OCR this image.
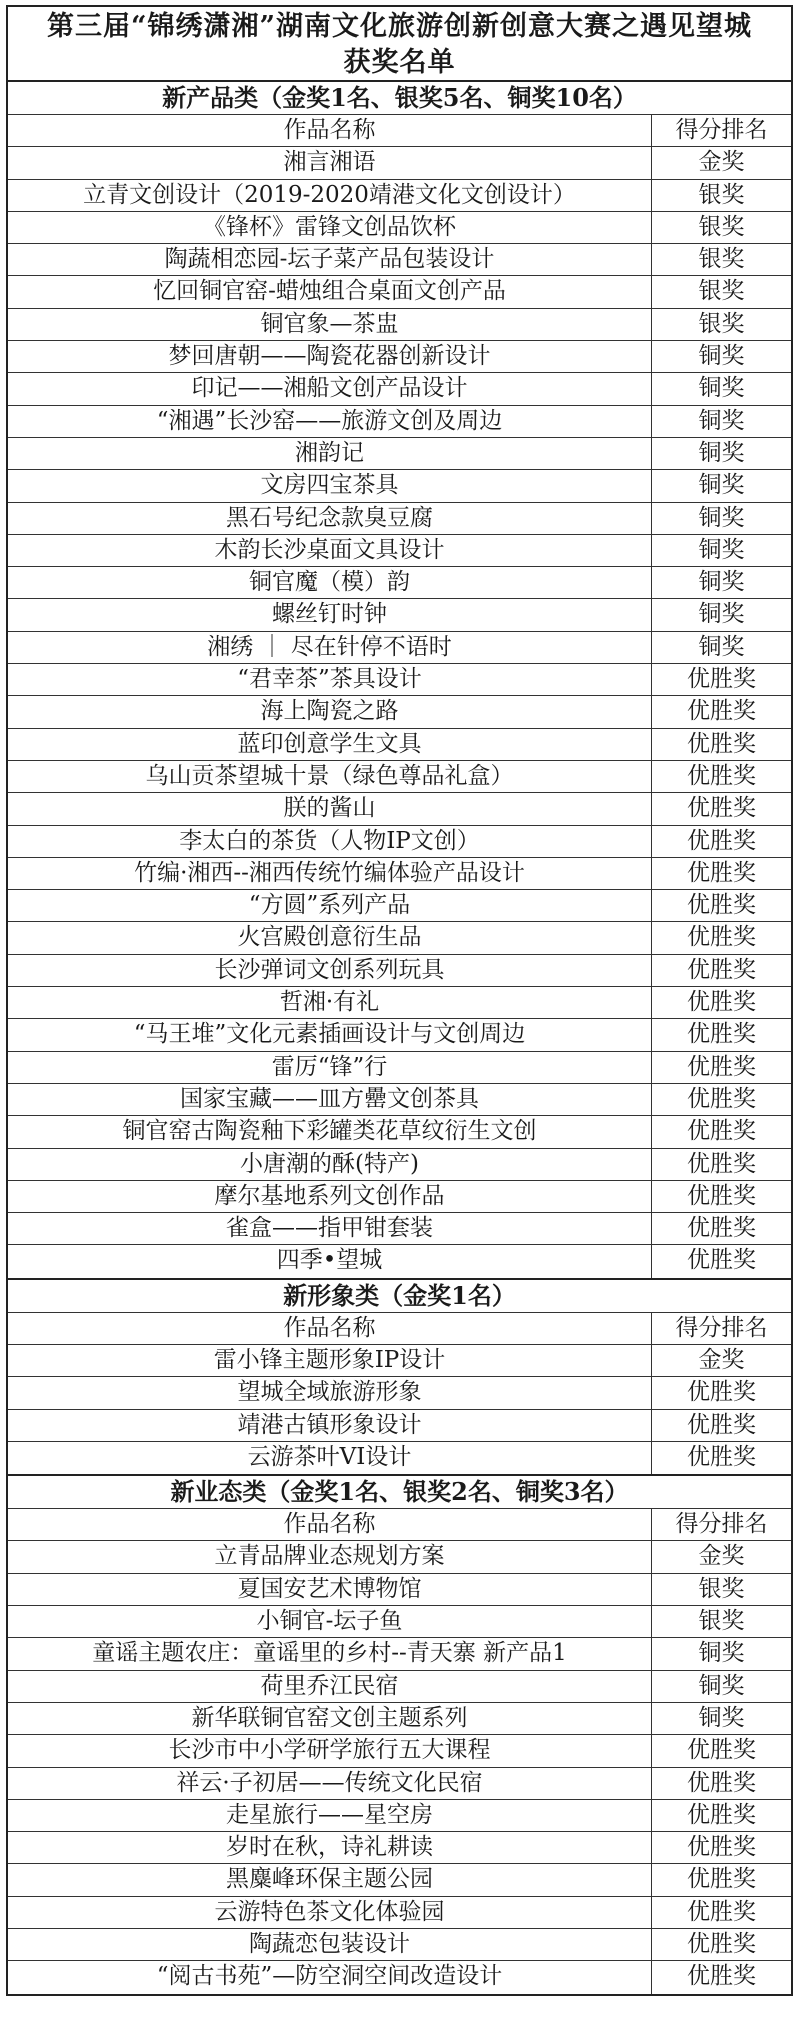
第三届“锦绣潇湘”湖南文化旅游创新创意大赛之遇见望城
获奖名单
新产品类（金奖1名、银奖5名、铜奖10名）
作品名称	得分排名
湘言湘语	金奖
立青文创设计（2019-2020靖港文化文创设计）	银奖
《锋杯》雷锋文创品饮杯	银奖
陶蔬相恋园-坛子菜产品包装设计	银奖
忆回铜官窑-蜡烛组合桌面文创产品	银奖
铜官象—茶盅	银奖
梦回唐朝——陶瓷花器创新设计	铜奖
印记——湘船文创产品设计	铜奖
“湘遇”长沙窑——旅游文创及周边	铜奖
湘韵记	铜奖
文房四宝茶具	铜奖
黑石号纪念款臭豆腐	铜奖
木韵长沙桌面文具设计	铜奖
铜官魔（模）韵	铜奖
螺丝钉时钟	铜奖
湘绣 ｜ 尽在针停不语时	铜奖
“君幸茶”茶具设计	优胜奖
海上陶瓷之路	优胜奖
蓝印创意学生文具	优胜奖
乌山贡茶望城十景（绿色尊品礼盒）	优胜奖
朕的酱山	优胜奖
李太白的茶货（人物IP文创）	优胜奖
竹编·湘西--湘西传统竹编体验产品设计	优胜奖
“方圆”系列产品	优胜奖
火宫殿创意衍生品	优胜奖
长沙弹词文创系列玩具	优胜奖
哲湘·有礼	优胜奖
“马王堆”文化元素插画设计与文创周边	优胜奖
雷厉“锋”行	优胜奖
国家宝藏——皿方罍文创茶具	优胜奖
铜官窑古陶瓷釉下彩罐类花草纹衍生文创	优胜奖
小唐潮的酥(特产)	优胜奖
摩尔基地系列文创作品	优胜奖
雀盒——指甲钳套装	优胜奖
四季•望城	优胜奖
新形象类（金奖1名）
作品名称	得分排名
雷小锋主题形象IP设计	金奖
望城全域旅游形象	优胜奖
靖港古镇形象设计	优胜奖
云游茶叶VI设计	优胜奖
新业态类（金奖1名、银奖2名、铜奖3名）
作品名称	得分排名
立青品牌业态规划方案	金奖
夏国安艺术博物馆	银奖
小铜官-坛子鱼	银奖
童谣主题农庄：童谣里的乡村--青天寨 新产品1	铜奖
荷里乔江民宿	铜奖
新华联铜官窑文创主题系列	铜奖
长沙市中小学研学旅行五大课程	优胜奖
祥云·子初居——传统文化民宿	优胜奖
走星旅行——星空房	优胜奖
岁时在秋，诗礼耕读	优胜奖
黑麋峰环保主题公园	优胜奖
云游特色茶文化体验园	优胜奖
陶蔬恋包装设计	优胜奖
“阅古书苑”—防空洞空间改造设计	优胜奖
